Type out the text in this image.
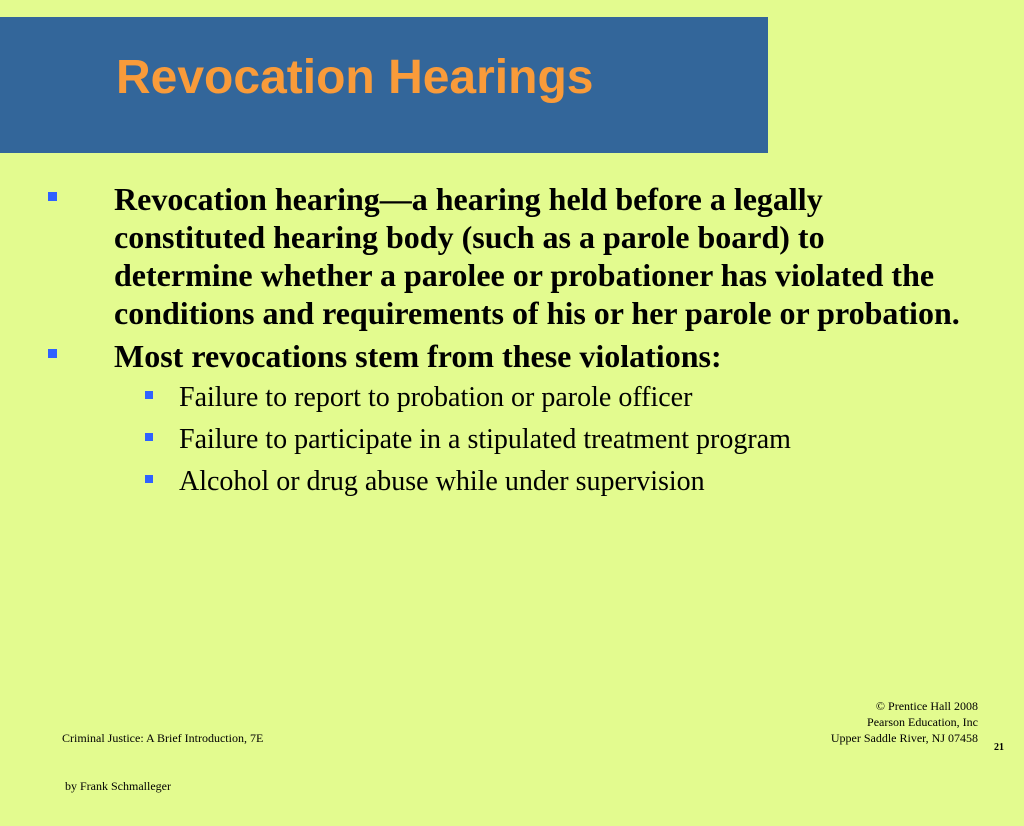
Revocation Hearings
Revocation hearing—a hearing held before a legally constituted hearing body (such as a parole board) to determine whether a parolee or probationer has violated the conditions and requirements of his or her parole or probation.
Most revocations stem from these violations:
Failure to report to probation or parole officer
Failure to participate in a stipulated treatment program
Alcohol or drug abuse while under supervision

Criminal Justice: A Brief Introduction, 7E

by Frank Schmalleger

© Prentice Hall 2008
Pearson Education, Inc
Upper Saddle River, NJ 07458
21
